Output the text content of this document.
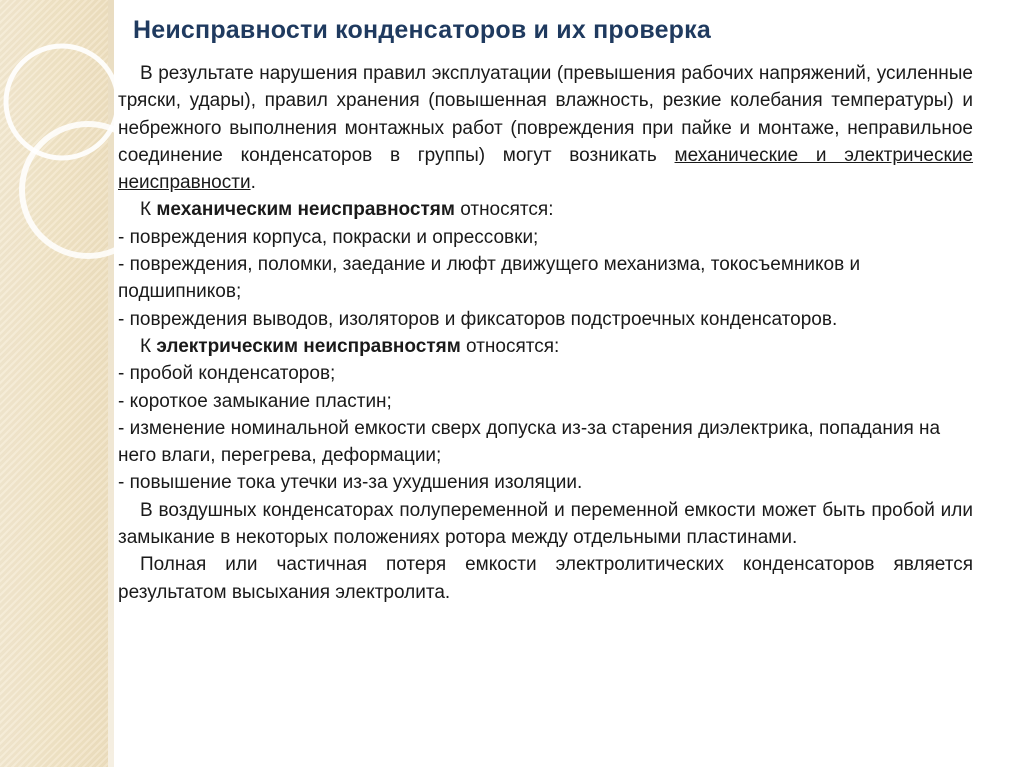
Неисправности конденсаторов и их проверка

В результате нарушения правил эксплуатации (превышения рабочих напряжений, усиленные тряски, удары), правил хранения (повышенная влажность, резкие колебания температуры) и небрежного выполнения монтажных работ (повреждения при пайке и монтаже, неправильное соединение конденсаторов в группы) могут возникать механические и электрические неисправности.

К механическим неисправностям относятся:

- повреждения корпуса, покраски и опрессовки;

- повреждения, поломки, заедание и люфт движущего механизма, токосъемников и подшипников;

- повреждения выводов, изоляторов и фиксаторов подстроечных конденсаторов.

К электрическим неисправностям относятся:

- пробой конденсаторов;

- короткое замыкание пластин;

- изменение номинальной емкости сверх допуска из-за старения диэлектрика, попадания на него влаги, перегрева, деформации;

- повышение тока утечки из-за ухудшения изоляции.

В воздушных конденсаторах полупеременной и переменной емкости может быть пробой или замыкание в некоторых положениях ротора между отдельными пластинами.

Полная или частичная потеря емкости электролитических конденсаторов является результатом высыхания электролита.
